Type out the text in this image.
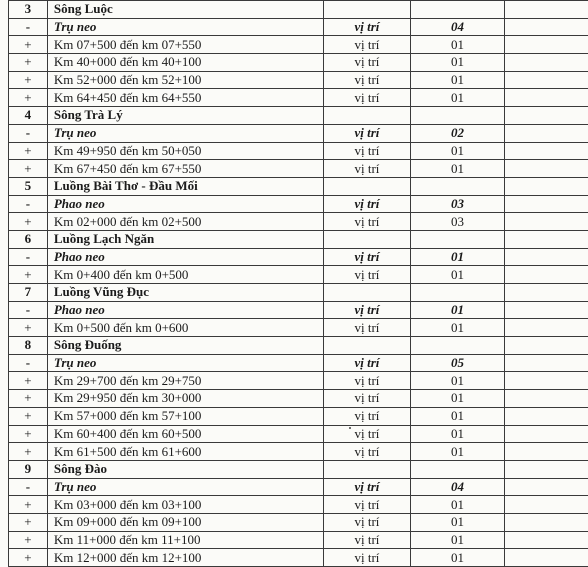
3	Sông Luộc			
-	Trụ neo	vị trí	04	
+	Km 07+500 đến km 07+550	vị trí	01	
+	Km 40+000 đến km 40+100	vị trí	01	
+	Km 52+000 đến km 52+100	vị trí	01	
+	Km 64+450 đến km 64+550	vị trí	01	
4	Sông Trà Lý			
-	Trụ neo	vị trí	02	
+	Km 49+950 đến km 50+050	vị trí	01	
+	Km 67+450 đến km 67+550	vị trí	01	
5	Luồng Bài Thơ - Đầu Mối			
-	Phao neo	vị trí	03	
+	Km 02+000 đến km 02+500	vị trí	03	
6	Luồng Lạch Ngăn			
-	Phao neo	vị trí	01	
+	Km 0+400 đến km 0+500	vị trí	01	
7	Luồng Vũng Đục			
-	Phao neo	vị trí	01	
+	Km 0+500 đến km 0+600	vị trí	01	
8	Sông Đuống			
-	Trụ neo	vị trí	05	
+	Km 29+700 đến km 29+750	vị trí	01	
+	Km 29+950 đến km 30+000	vị trí	01	
+	Km 57+000 đến km 57+100	vị trí	01	
+	Km 60+400 đến km 60+500	vị trí	01	
+	Km 61+500 đến km 61+600	vị trí	01	
9	Sông Đào			
-	Trụ neo	vị trí	04	
+	Km 03+000 đến km 03+100	vị trí	01	
+	Km 09+000 đến km 09+100	vị trí	01	
+	Km 11+000 đến km 11+100	vị trí	01	
+	Km 12+000 đến km 12+100	vị trí	01	
